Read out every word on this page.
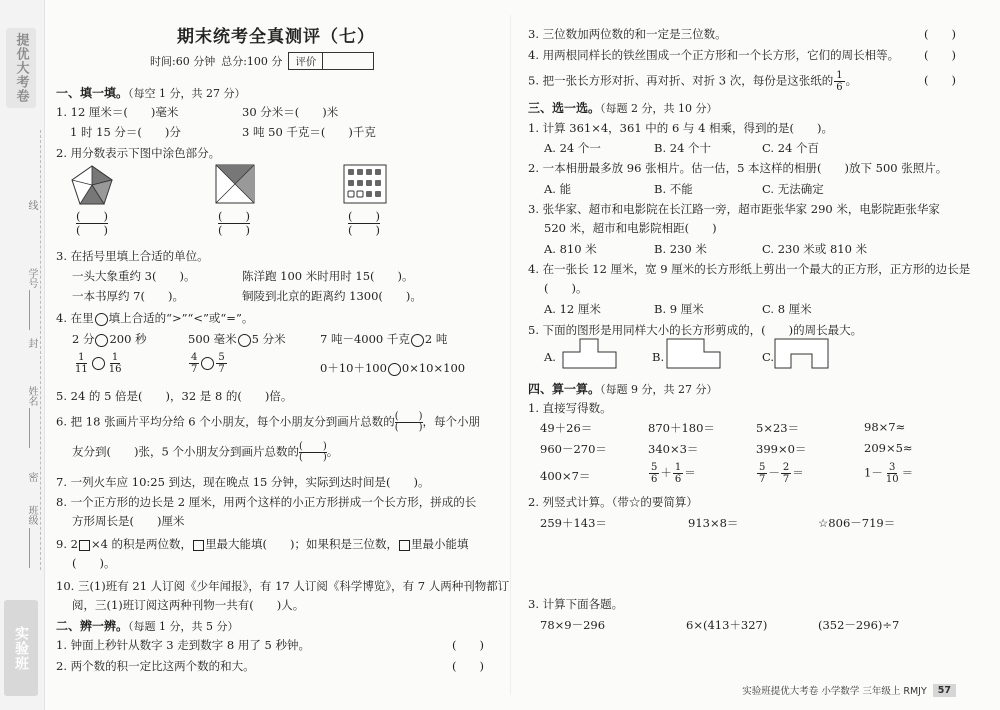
提优大考卷
线
学号
封
姓名
密
班级
实验班
期末统考全真测评（七）
时间:60 分钟 总分:100 分	评价
一、填一填。（每空 1 分，共 27 分）
1. 12 厘米＝(　　)毫米	30 分米＝(　　)米
1 时 15 分＝(　　)分	3 吨 50 千克＝(　　)千克
2. 用分数表示下图中涂色部分。
(　　)
(　　)
(　　)
(　　)
(　　)
(　　)
3. 在括号里填上合适的单位。
一头大象重约 3(　　)。	陈洋跑 100 米时用时 15(　　)。
一本书厚约 7(　　)。	铜陵到北京的距离约 1300(　　)。
4. 在里 填上合适的“>”“<”或“=”。
2 分 200 秒	500 毫米 5 分米	7 吨－4000 千克 2 吨
$\frac{1}{11} \frac{1}{16}$	$\frac{4}{7} \frac{5}{7}$	0＋10＋100 0×10×100
5. 24 的 5 倍是(　　)，32 是 8 的(　　)倍。
6. 把 18 张画片平均分给 6 个小朋友，每个小朋友分到画片总数的 $\frac{( )}{( )}$ ，每个小朋
友分到(　　)张，5 个小朋友分到画片总数的 $\frac{( )}{( )}$ 。
7. 一列火车应 10:25 到达，现在晚点 15 分钟，实际到达时间是(　　)。
8. 一个正方形的边长是 2 厘米，用两个这样的小正方形拼成一个长方形，拼成的长
方形周长是(　　)厘米
9. 2 ×4 的积是两位数， 里最大能填(　　)；如果积是三位数， 里最小能填
(　　)。
10. 三(1)班有 21 人订阅《少年闻报》，有 17 人订阅《科学博览》，有 7 人两种刊物都订
阅，三(1)班订阅这两种刊物一共有(　　)人。
二、辨一辨。（每题 1 分，共 5 分）
1. 钟面上秒针从数字 3 走到数字 8 用了 5 秒钟。	(　　)
2. 两个数的积一定比这两个数的和大。	(　　)
3. 三位数加两位数的和一定是三位数。	(　　)
4. 用两根同样长的铁丝围成一个正方形和一个长方形，它们的周长相等。 (　　)
5. 把一张长方形对折、再对折、对折 3 次，每份是这张纸的 $\frac{1}{6}$ 。	(　　)
三、选一选。（每题 2 分，共 10 分）
1. 计算 361×4，361 中的 6 与 4 相乘，得到的是(　　)。
A. 24 个一	B. 24 个十	C. 24 个百
2. 一本相册最多放 96 张相片。估一估，5 本这样的相册(　　)放下 500 张照片。
A. 能	B. 不能	C. 无法确定
3. 张华家、超市和电影院在长江路一旁，超市距张华家 290 米，电影院距张华家
520 米，超市和电影院相距(　　)
A. 810 米	B. 230 米	C. 230 米或 810 米
4. 在一张长 12 厘米，宽 9 厘米的长方形纸上剪出一个最大的正方形，正方形的边长是
(　　)。
A. 12 厘米	B. 9 厘米	C. 8 厘米
5. 下面的图形是用同样大小的长方形剪成的，(　　)的周长最大。
A.	B.	C.
四、算一算。（每题 9 分，共 27 分）
1. 直接写得数。
49＋26＝	870＋180＝	5×23＝	98×7≈
960－270＝	340×3＝	399×0＝	209×5≈
400×7＝	$\frac{5}{6} + \frac{1}{6}$ ＝	$\frac{5}{7} - \frac{2}{7}$ ＝	$1- \frac{3}{10}$ ＝
2. 列竖式计算。（带☆的要简算）
259＋143＝	913×8＝	☆806－719＝
3. 计算下面各题。
78×9－296	6×(413＋327)	(352－296)÷7
实验班提优大考卷 小学数学 三年级上 RMJY	57
